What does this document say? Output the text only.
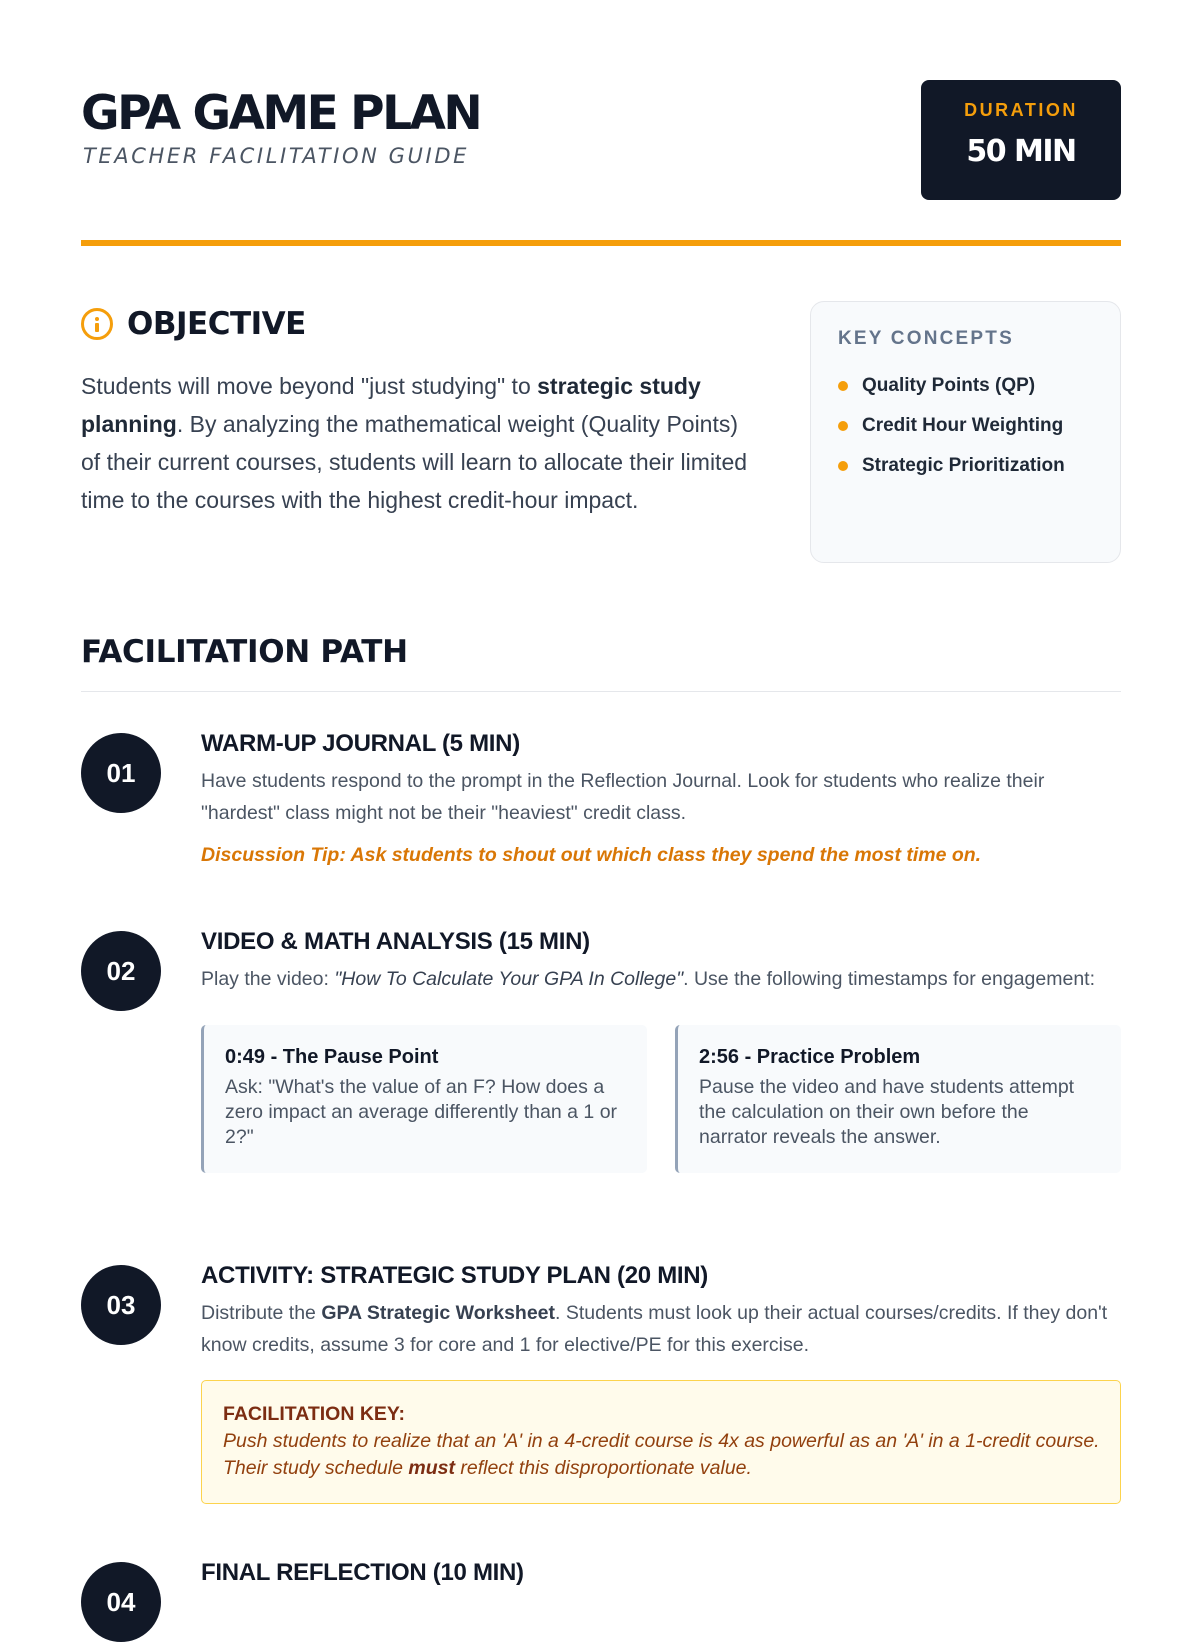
GPA GAME PLAN
TEACHER FACILITATION GUIDE
DURATION
50 MIN
OBJECTIVE

Students will move beyond "just studying" to strategic study planning. By analyzing the mathematical weight (Quality Points) of their current courses, students will learn to allocate their limited time to the courses with the highest credit-hour impact.

KEY CONCEPTS
Quality Points (QP)
Credit Hour Weighting
Strategic Prioritization
FACILITATION PATH
01
WARM-UP JOURNAL (5 MIN)
Have students respond to the prompt in the Reflection Journal. Look for students who realize their "hardest" class might not be their "heaviest" credit class.
Discussion Tip: Ask students to shout out which class they spend the most time on.
02
VIDEO & MATH ANALYSIS (15 MIN)
Play the video: "How To Calculate Your GPA In College". Use the following timestamps for engagement:
0:49 - The Pause Point
Ask: "What's the value of an F? How does a zero impact an average differently than a 1 or 2?"
2:56 - Practice Problem
Pause the video and have students attempt the calculation on their own before the narrator reveals the answer.
03
ACTIVITY: STRATEGIC STUDY PLAN (20 MIN)
Distribute the GPA Strategic Worksheet. Students must look up their actual courses/credits. If they don't know credits, assume 3 for core and 1 for elective/PE for this exercise.
FACILITATION KEY:
Push students to realize that an 'A' in a 4-credit course is 4x as powerful as an 'A' in a 1-credit course. Their study schedule must reflect this disproportionate value.
04
FINAL REFLECTION (10 MIN)
